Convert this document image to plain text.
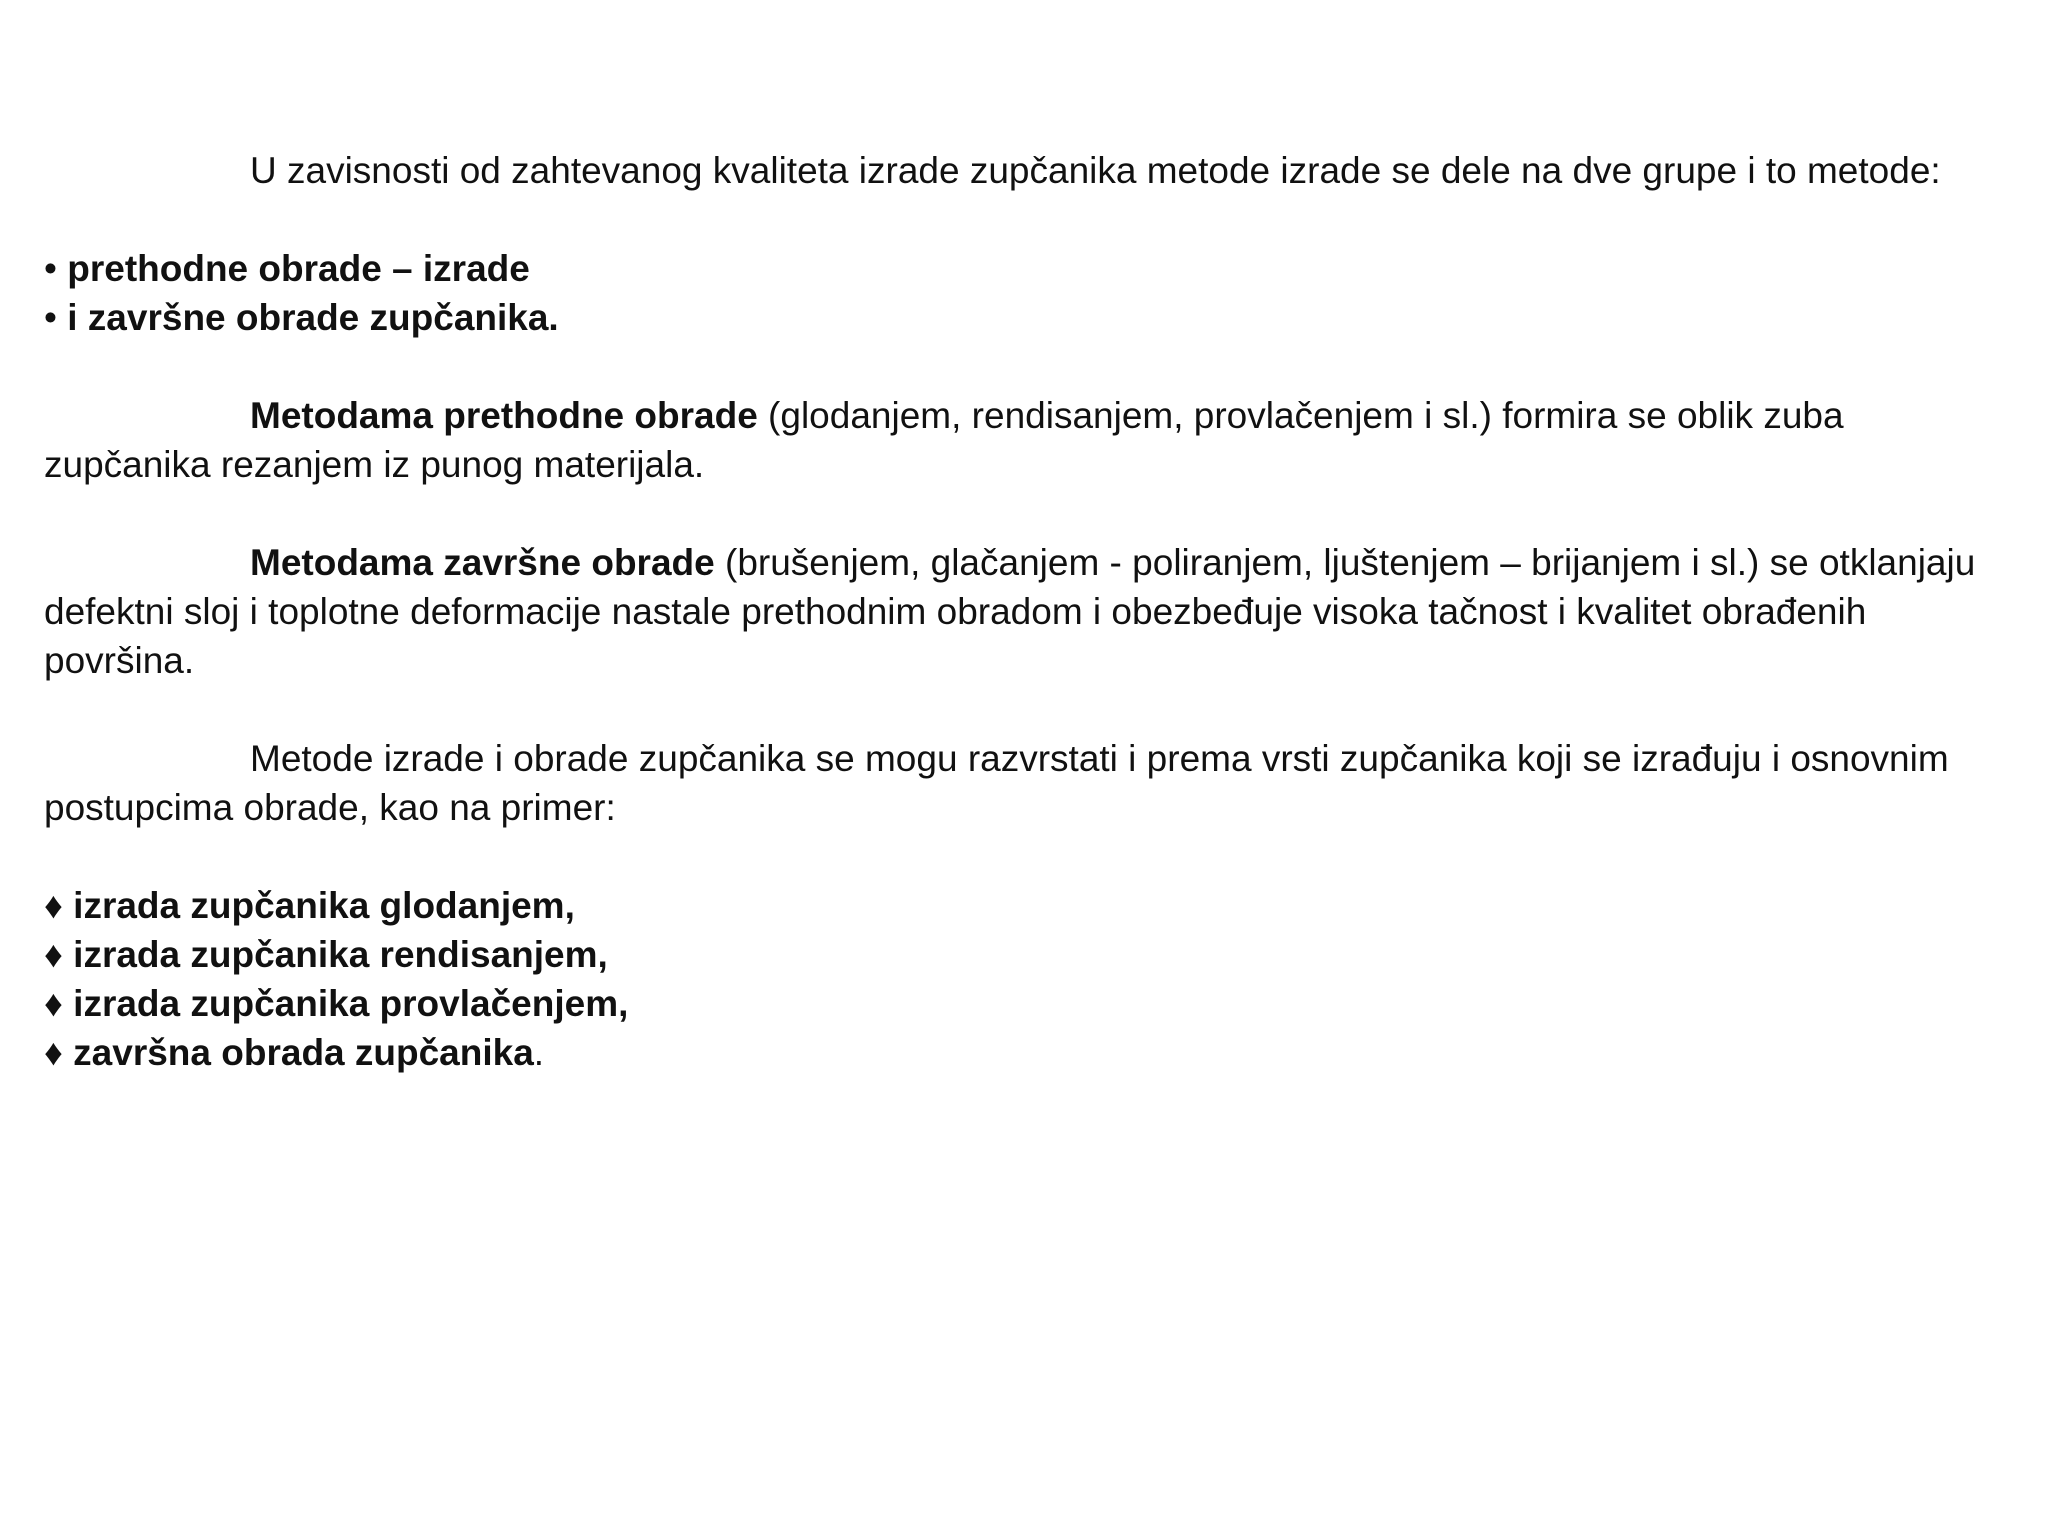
U zavisnosti od zahtevanog kvaliteta izrade zupčanika metode izrade se dele na dve grupe i to metode:

• prethodne obrade – izrade
• i završne obrade zupčanika.

Metodama prethodne obrade (glodanjem, rendisanjem, provlačenjem i sl.) formira se oblik zuba zupčanika rezanjem iz punog materijala.

Metodama završne obrade (brušenjem, glačanjem - poliranjem, ljuštenjem – brijanjem i sl.) se otklanjaju defektni sloj i toplotne deformacije nastale prethodnim obradom i obezbeđuje visoka tačnost i kvalitet obrađenih površina.

Metode izrade i obrade zupčanika se mogu razvrstati i prema vrsti zupčanika koji se izrađuju i osnovnim postupcima obrade, kao na primer:

♦ izrada zupčanika glodanjem,
♦ izrada zupčanika rendisanjem,
♦ izrada zupčanika provlačenjem,
♦ završna obrada zupčanika.
